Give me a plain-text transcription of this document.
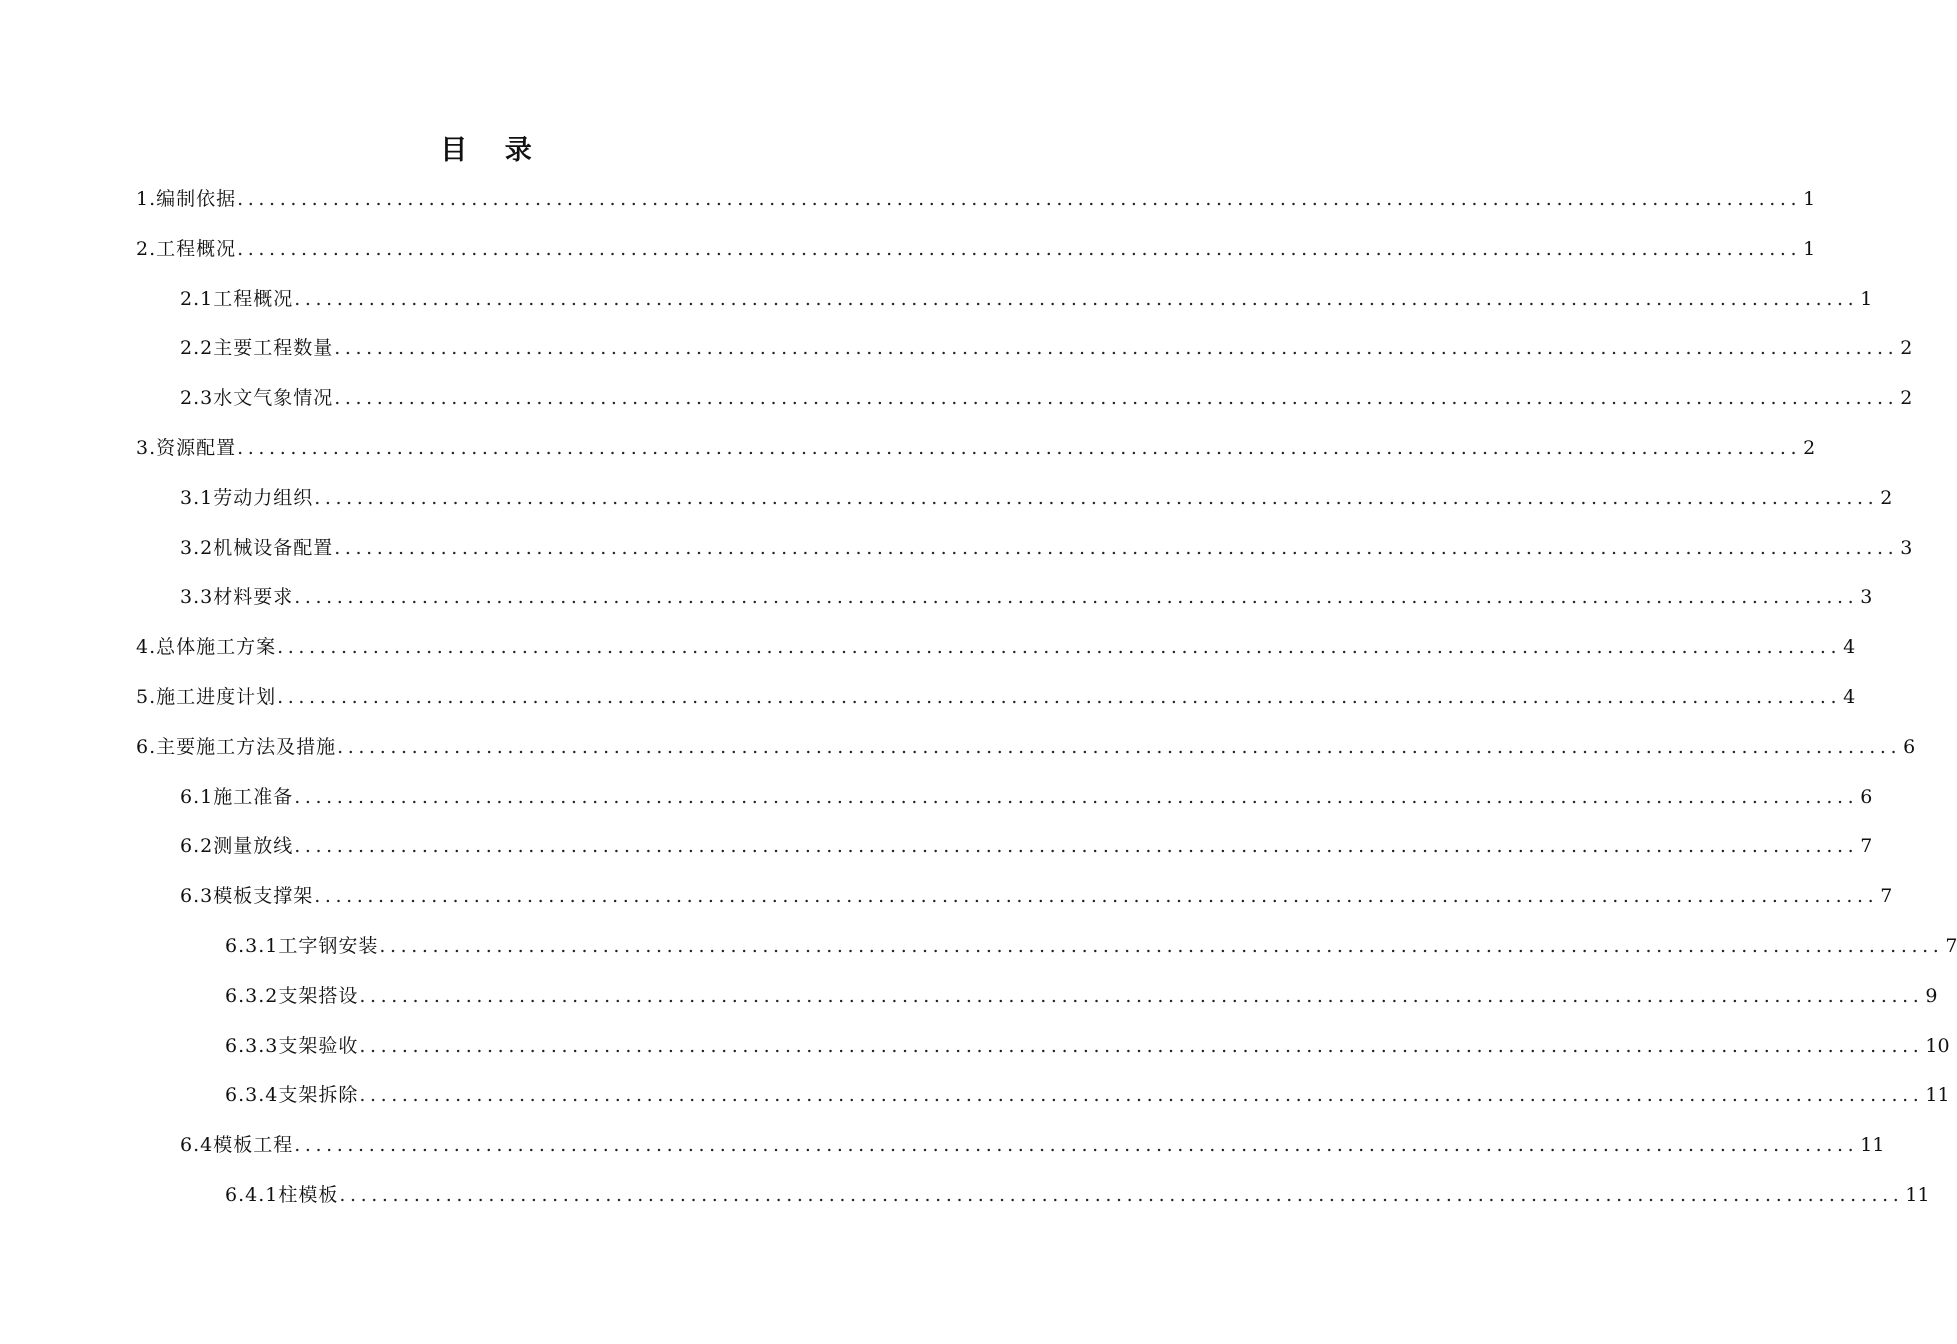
目 录
1.编制依据 ................................................................................................................................................... 1
2.工程概况 ................................................................................................................................................... 1
2.1工程概况 ................................................................................................................................................... 1
2.2主要工程数量 ................................................................................................................................................... 2
2.3水文气象情况 ................................................................................................................................................... 2
3.资源配置 ................................................................................................................................................... 2
3.1劳动力组织 ................................................................................................................................................... 2
3.2机械设备配置 ................................................................................................................................................... 3
3.3材料要求 ................................................................................................................................................... 3
4.总体施工方案 ................................................................................................................................................... 4
5.施工进度计划 ................................................................................................................................................... 4
6.主要施工方法及措施 ................................................................................................................................................... 6
6.1施工准备 ................................................................................................................................................... 6
6.2测量放线 ................................................................................................................................................... 7
6.3模板支撑架 ................................................................................................................................................... 7
6.3.1工字钢安装 ................................................................................................................................................... 7
6.3.2支架搭设 ................................................................................................................................................... 9
6.3.3支架验收 ................................................................................................................................................... 10
6.3.4支架拆除 ................................................................................................................................................... 11
6.4模板工程 ................................................................................................................................................... 11
6.4.1柱模板 ................................................................................................................................................... 11
